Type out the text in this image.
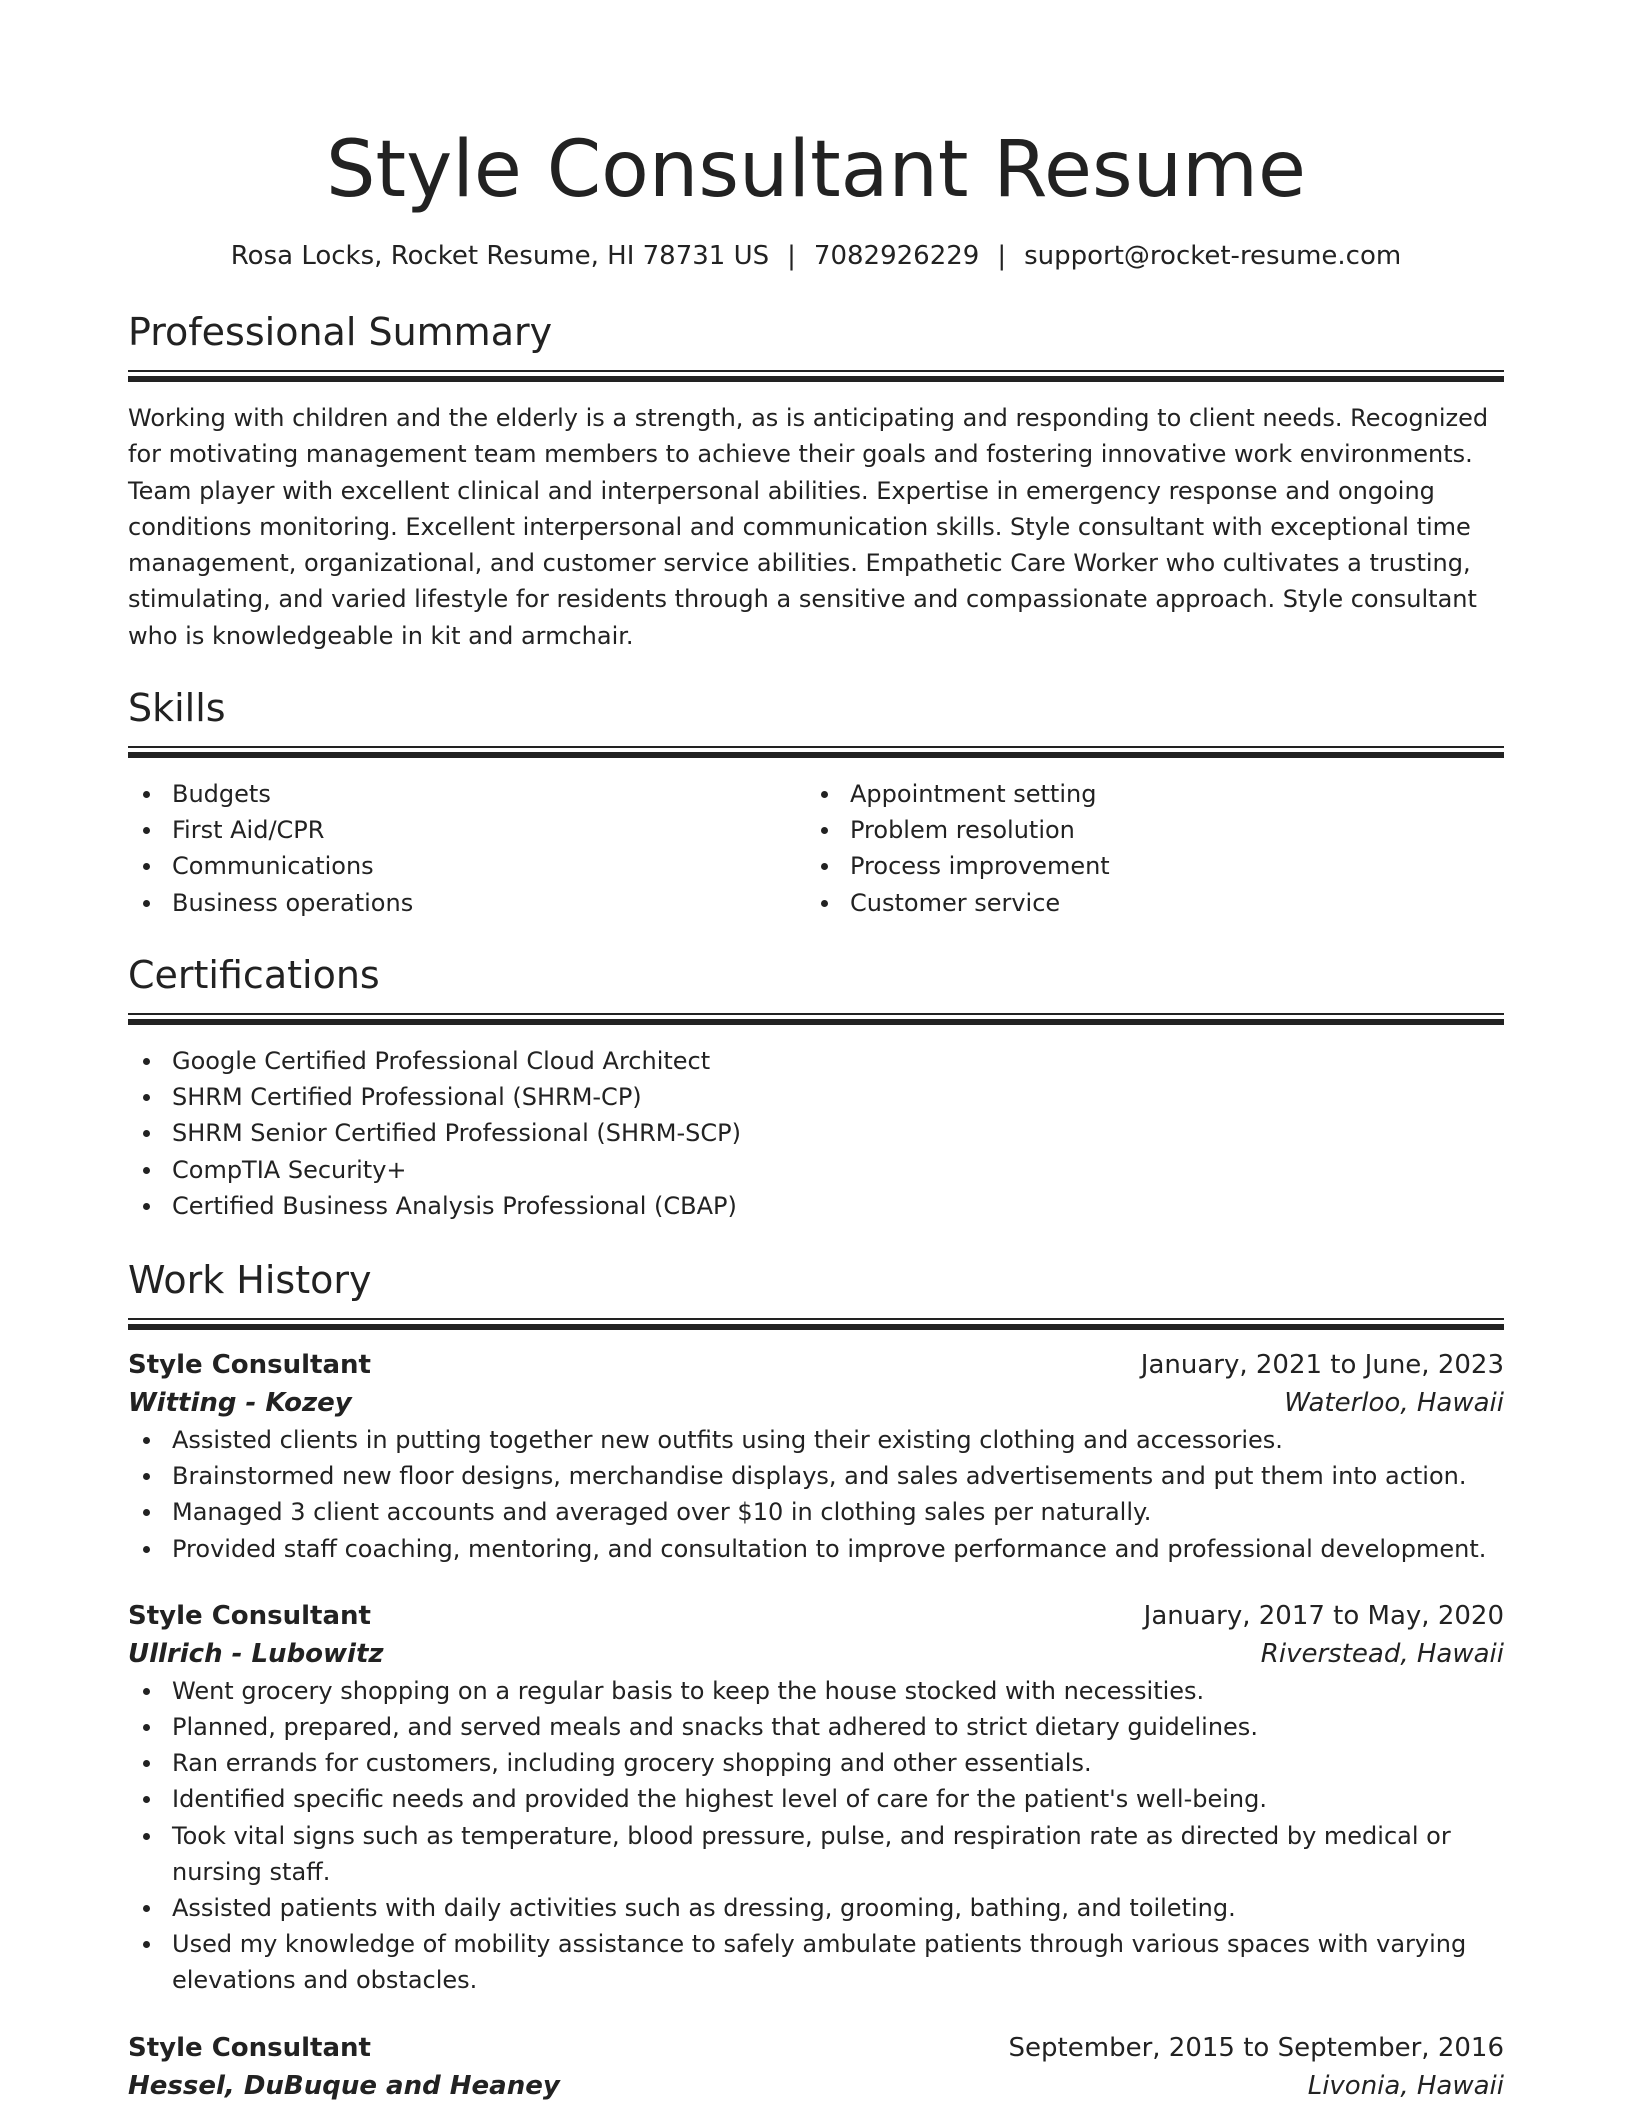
Style Consultant Resume
Rosa Locks, Rocket Resume, HI 78731 US | 7082926229 | support@rocket-resume.com
Professional Summary

Working with children and the elderly is a strength, as is anticipating and responding to client needs. Recognized for motivating management team members to achieve their goals and fostering innovative work environments. Team player with excellent clinical and interpersonal abilities. Expertise in emergency response and ongoing conditions monitoring. Excellent interpersonal and communication skills. Style consultant with exceptional time management, organizational, and customer service abilities. Empathetic Care Worker who cultivates a trusting, stimulating, and varied lifestyle for residents through a sensitive and compassionate approach. Style consultant who is knowledgeable in kit and armchair.

Skills
Budgets
First Aid/CPR
Communications
Business operations
Appointment setting
Problem resolution
Process improvement
Customer service
Certifications
Google Certified Professional Cloud Architect
SHRM Certified Professional (SHRM-CP)
SHRM Senior Certified Professional (SHRM-SCP)
CompTIA Security+
Certified Business Analysis Professional (CBAP)
Work History
Style Consultant	January, 2021 to June, 2023
Witting - Kozey	Waterloo, Hawaii
Assisted clients in putting together new outfits using their existing clothing and accessories.
Brainstormed new floor designs, merchandise displays, and sales advertisements and put them into action.
Managed 3 client accounts and averaged over $10 in clothing sales per naturally.
Provided staff coaching, mentoring, and consultation to improve performance and professional development.
Style Consultant	January, 2017 to May, 2020
Ullrich - Lubowitz	Riverstead, Hawaii
Went grocery shopping on a regular basis to keep the house stocked with necessities.
Planned, prepared, and served meals and snacks that adhered to strict dietary guidelines.
Ran errands for customers, including grocery shopping and other essentials.
Identified specific needs and provided the highest level of care for the patient's well-being.
Took vital signs such as temperature, blood pressure, pulse, and respiration rate as directed by medical or nursing staff.
Assisted patients with daily activities such as dressing, grooming, bathing, and toileting.
Used my knowledge of mobility assistance to safely ambulate patients through various spaces with varying elevations and obstacles.
Style Consultant	September, 2015 to September, 2016
Hessel, DuBuque and Heaney	Livonia, Hawaii
